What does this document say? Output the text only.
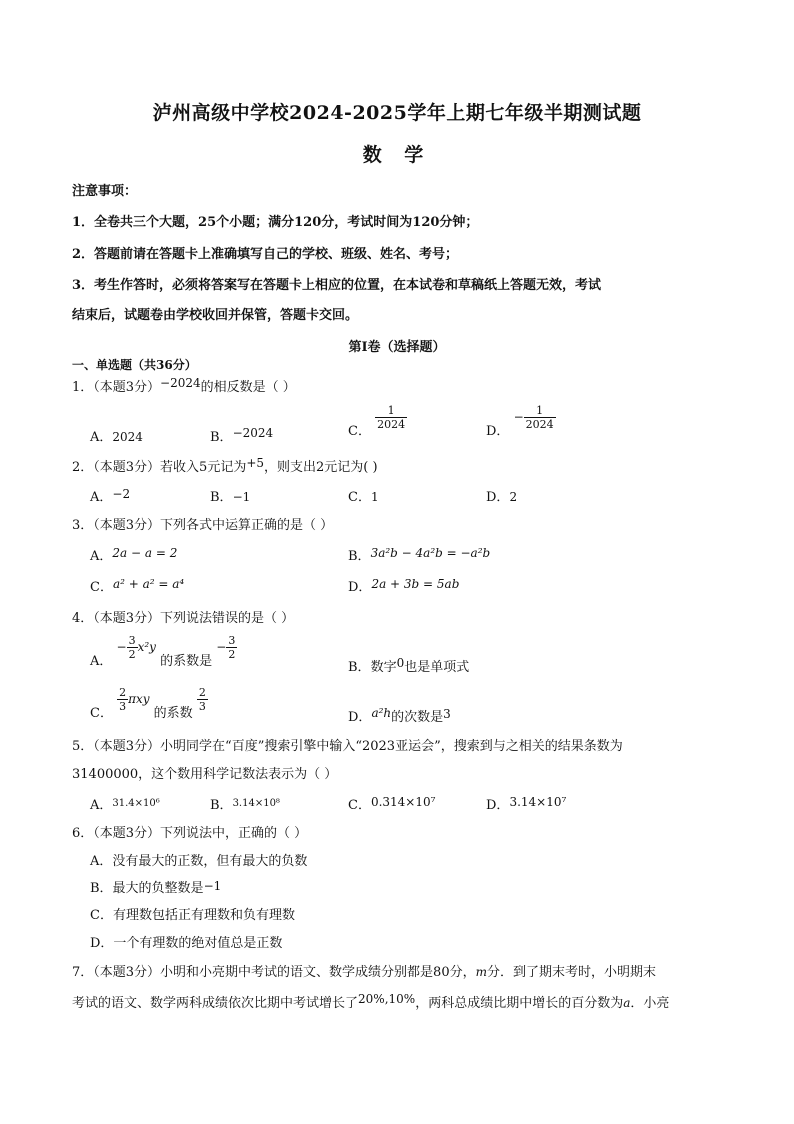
泸州高级中学校2024-2025学年上期七年级半期测试题
数 学
注意事项：
1．全卷共三个大题，25个小题；满分120分，考试时间为120分钟；
2．答题前请在答题卡上准确填写自己的学校、班级、姓名、考号；
3．考生作答时，必须将答案写在答题卡上相应的位置，在本试卷和草稿纸上答题无效，考试
结束后，试题卷由学校收回并保管，答题卡交回。
第Ⅰ卷（选择题）
一、单选题（共36分）
1．（本题3分）−2024的相反数是（ ）
A．2024	B．−2024	C．
$\frac{1}{2024}$
D． − $\frac{1}{2024}$
2．（本题3分）若收入5元记为+5，则支出2元记为( )
A．−2	B．−1	C．1	D．2
3．（本题3分）下列各式中运算正确的是（ ）
A．2a − a = 2	B．3a²b − 4a²b = −a²b
C．a² + a² = a⁴	D．2a + 3b = 5ab
4．（本题3分）下列说法错误的是（ ）
A． − $\frac{3}{2} x^2y$ 的系数是 − $\frac{3}{2}$
B．数字0也是单项式
C．
$\frac{2}{3}$ πxy 的系数
$\frac{2}{3}$
D．a²h的次数是3
5．（本题3分）小明同学在“百度”搜索引擎中输入“2023亚运会”，搜索到与之相关的结果条数为
31400000，这个数用科学记数法表示为（ ）
A．$^{31.4\times 10^6}$	B．$^{3.14\times 10^8}$	C．0.314×10⁷	D．3.14×10⁷
6．（本题3分）下列说法中，正确的（ ）
A．没有最大的正数，但有最大的负数
B．最大的负整数是−1
C．有理数包括正有理数和负有理数
D．一个有理数的绝对值总是正数
7．（本题3分）小明和小亮期中考试的语文、数学成绩分别都是80分，m分．到了期末考时，小明期末
考试的语文、数学两科成绩依次比期中考试增长了20%,10%，两科总成绩比期中增长的百分数为a．小亮
